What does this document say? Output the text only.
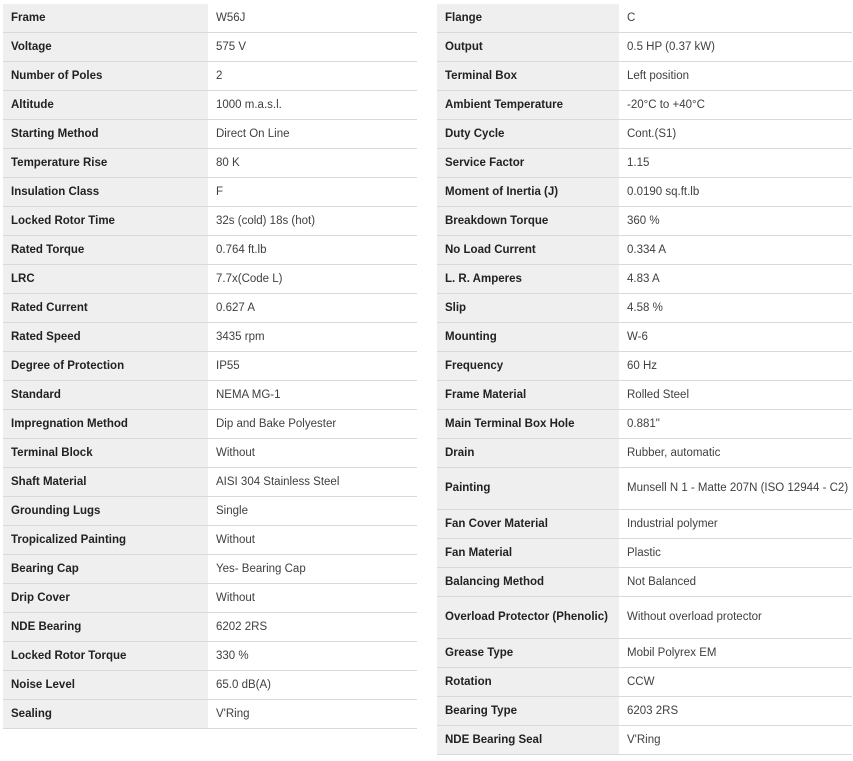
Frame	W56J
Voltage	575 V
Number of Poles	2
Altitude	1000 m.a.s.l.
Starting Method	Direct On Line
Temperature Rise	80 K
Insulation Class	F
Locked Rotor Time	32s (cold) 18s (hot)
Rated Torque	0.764 ft.lb
LRC	7.7x(Code L)
Rated Current	0.627 A
Rated Speed	3435 rpm
Degree of Protection	IP55
Standard	NEMA MG-1
Impregnation Method	Dip and Bake Polyester
Terminal Block	Without
Shaft Material	AISI 304 Stainless Steel
Grounding Lugs	Single
Tropicalized Painting	Without
Bearing Cap	Yes- Bearing Cap
Drip Cover	Without
NDE Bearing	6202 2RS
Locked Rotor Torque	330 %
Noise Level	65.0 dB(A)
Sealing	V'Ring
Flange	C
Output	0.5 HP (0.37 kW)
Terminal Box	Left position
Ambient Temperature	-20°C to +40°C
Duty Cycle	Cont.(S1)
Service Factor	1.15
Moment of Inertia (J)	0.0190 sq.ft.lb
Breakdown Torque	360 %
No Load Current	0.334 A
L. R. Amperes	4.83 A
Slip	4.58 %
Mounting	W-6
Frequency	60 Hz
Frame Material	Rolled Steel
Main Terminal Box Hole	0.881"
Drain	Rubber, automatic
Painting	Munsell N 1 - Matte 207N (ISO 12944 - C2)
Fan Cover Material	Industrial polymer
Fan Material	Plastic
Balancing Method	Not Balanced
Overload Protector (Phenolic)	Without overload protector
Grease Type	Mobil Polyrex EM
Rotation	CCW
Bearing Type	6203 2RS
NDE Bearing Seal	V'Ring
